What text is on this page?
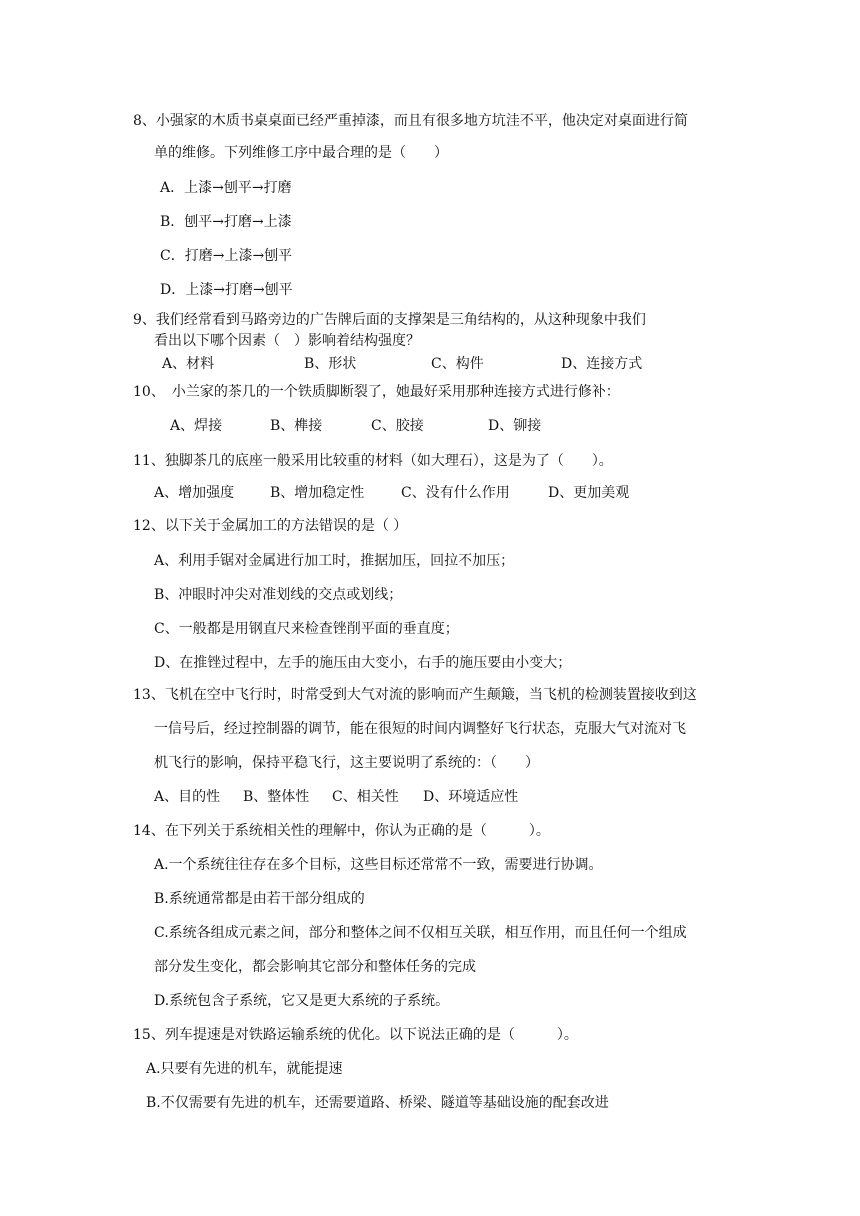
8、小强家的木质书桌桌面已经严重掉漆，而且有很多地方坑洼不平，他决定对桌面进行简
单的维修。下列维修工序中最合理的是（　　）
A．上漆→刨平→打磨
B．刨平→打磨→上漆
C．打磨→上漆→刨平
D．上漆→打磨→刨平
9、我们经常看到马路旁边的广告牌后面的支撑架是三角结构的，从这种现象中我们
看出以下哪个因素（　）影响着结构强度？
A、材料	B、形状	C、构件	D、连接方式
10、　小兰家的茶几的一个铁质脚断裂了，她最好采用那种连接方式进行修补：
A、焊接	B、榫接	C、胶接	D、铆接
11、独脚茶几的底座一般采用比较重的材料（如大理石），这是为了（　　）。
A、增加强度	B、增加稳定性	C、没有什么作用	D、更加美观
12、以下关于金属加工的方法错误的是（ ）
A、利用手锯对金属进行加工时，推据加压，回拉不加压；
B、冲眼时冲尖对准划线的交点或划线；
C、一般都是用钢直尺来检查锉削平面的垂直度；
D、在推锉过程中，左手的施压由大变小，右手的施压要由小变大；
13、飞机在空中飞行时，时常受到大气对流的影响而产生颠簸，当飞机的检测装置接收到这
一信号后，经过控制器的调节，能在很短的时间内调整好飞行状态，克服大气对流对飞
机飞行的影响，保持平稳飞行，这主要说明了系统的：（　　）
A、目的性 B、整体性 C、相关性 D、环境适应性
14、在下列关于系统相关性的理解中，你认为正确的是（　　　）。
A.一个系统往往存在多个目标，这些目标还常常不一致，需要进行协调。
B.系统通常都是由若干部分组成的
C.系统各组成元素之间，部分和整体之间不仅相互关联，相互作用，而且任何一个组成
部分发生变化，都会影响其它部分和整体任务的完成
D.系统包含子系统，它又是更大系统的子系统。
15、列车提速是对铁路运输系统的优化。以下说法正确的是（　　　）。
A.只要有先进的机车，就能提速
B.不仅需要有先进的机车，还需要道路、桥梁、隧道等基础设施的配套改进
